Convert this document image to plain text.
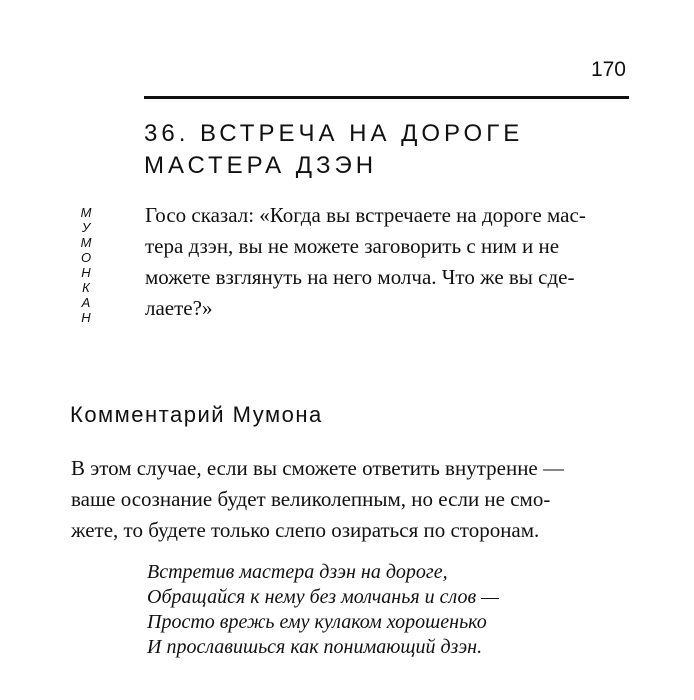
170
36. ВСТРЕЧА НА ДОРОГЕ
МАСТЕРА ДЗЭН
М
У
М
О
Н
К
А
Н
Госо сказал: «Когда вы встречаете на дороге мас-
тера дзэн, вы не можете заговорить с ним и не
можете взглянуть на него молча. Что же вы сде-
лаете?»
Комментарий Мумона
В этом случае, если вы сможете ответить внутренне —
ваше осознание будет великолепным, но если не смо-
жете, то будете только слепо озираться по сторонам.
Встретив мастера дзэн на дороге,
Обращайся к нему без молчанья и слов —
Просто врежь ему кулаком хорошенько
И прославишься как понимающий дзэн.
